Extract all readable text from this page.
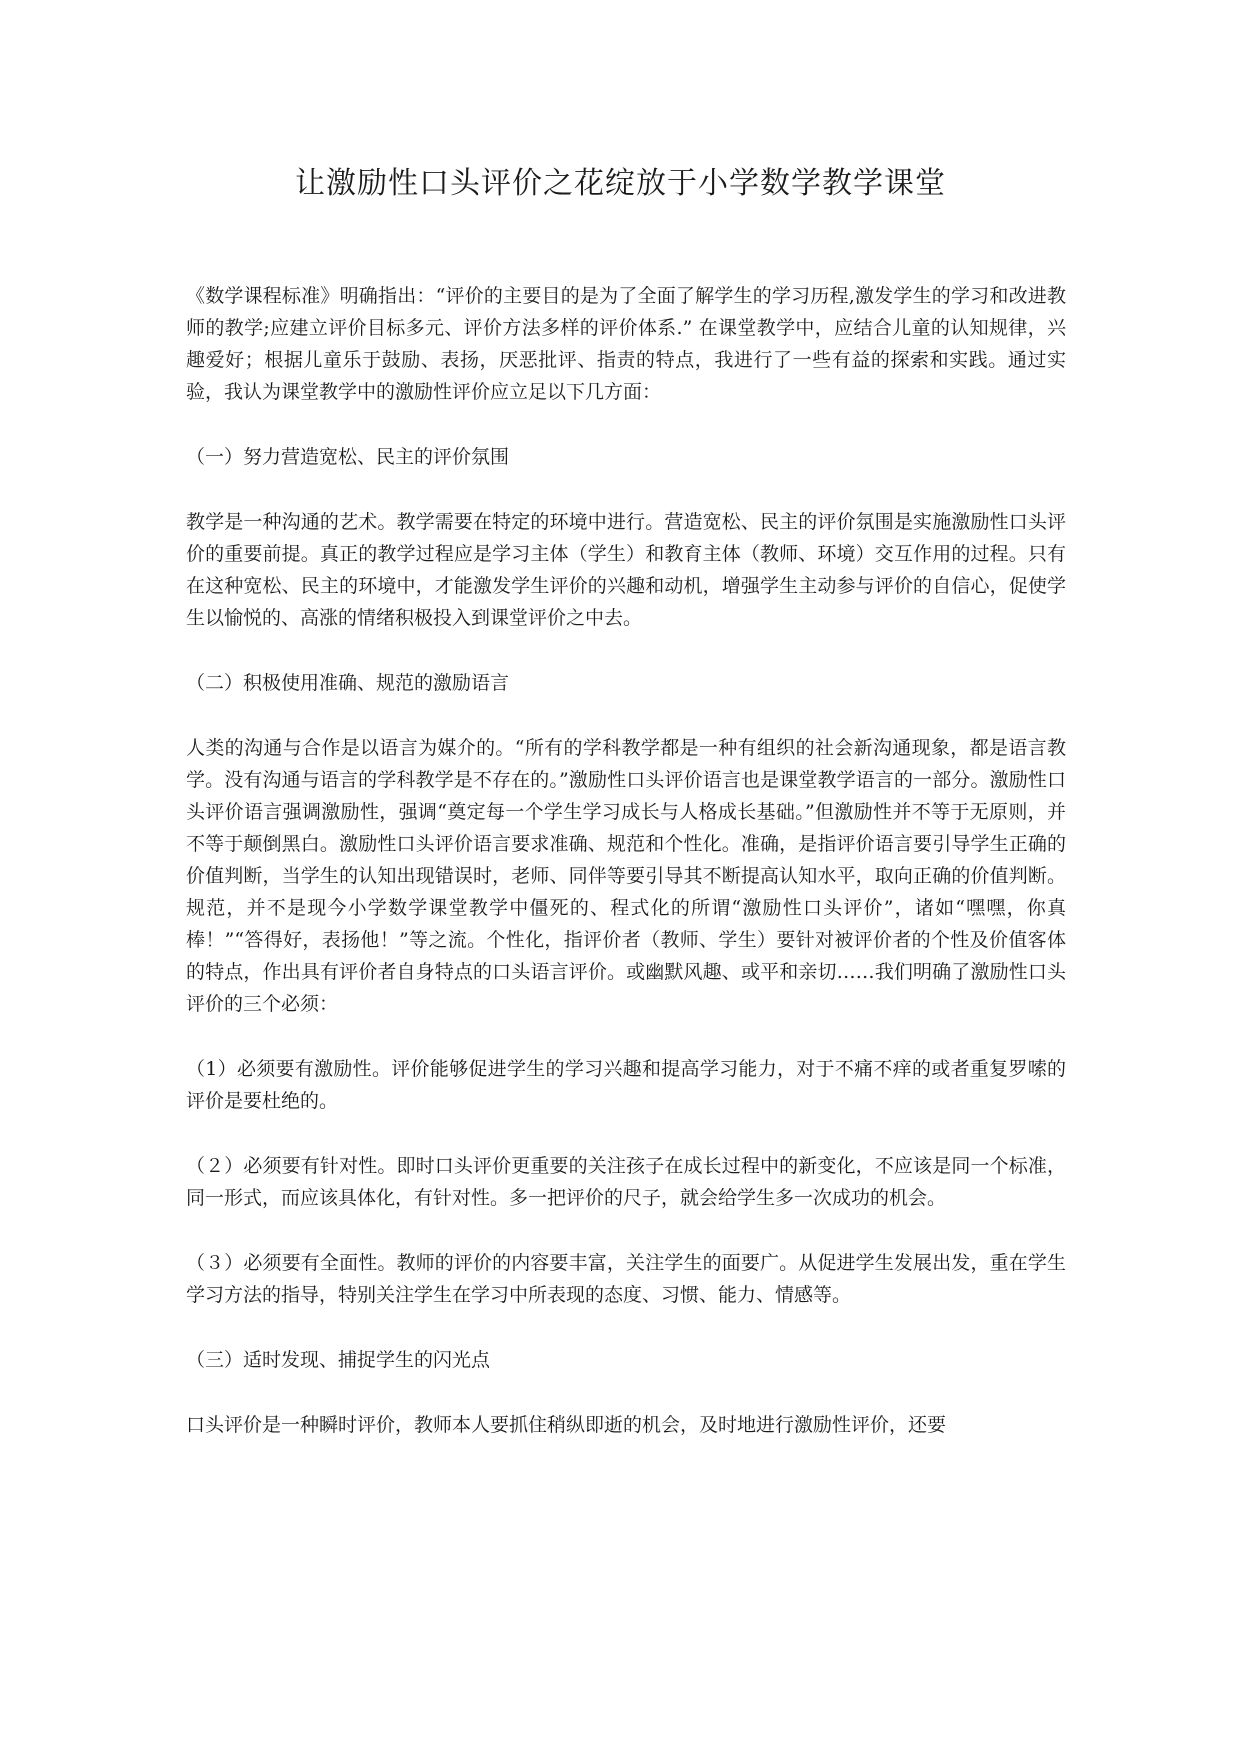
让激励性口头评价之花绽放于小学数学教学课堂

《数学课程标准》明确指出：“评价的主要目的是为了全面了解学生的学习历程,激发学生的学习和改进教师的教学;应建立评价目标多元、评价方法多样的评价体系.” 在课堂教学中，应结合儿童的认知规律，兴趣爱好；根据儿童乐于鼓励、表扬，厌恶批评、指责的特点，我进行了一些有益的探索和实践。通过实验，我认为课堂教学中的激励性评价应立足以下几方面：

（一）努力营造宽松、民主的评价氛围

教学是一种沟通的艺术。教学需要在特定的环境中进行。营造宽松、民主的评价氛围是实施激励性口头评价的重要前提。真正的教学过程应是学习主体（学生）和教育主体（教师、环境）交互作用的过程。只有在这种宽松、民主的环境中，才能激发学生评价的兴趣和动机，增强学生主动参与评价的自信心，促使学生以愉悦的、高涨的情绪积极投入到课堂评价之中去。

（二）积极使用准确、规范的激励语言

人类的沟通与合作是以语言为媒介的。“所有的学科教学都是一种有组织的社会新沟通现象，都是语言教学。没有沟通与语言的学科教学是不存在的。”激励性口头评价语言也是课堂教学语言的一部分。激励性口头评价语言强调激励性，强调“奠定每一个学生学习成长与人格成长基础。”但激励性并不等于无原则，并不等于颠倒黑白。激励性口头评价语言要求准确、规范和个性化。准确，是指评价语言要引导学生正确的价值判断，当学生的认知出现错误时，老师、同伴等要引导其不断提高认知水平，取向正确的价值判断。规范，并不是现今小学数学课堂教学中僵死的、程式化的所谓“激励性口头评价”，诸如“嘿嘿，你真棒！”“答得好，表扬他！”等之流。个性化，指评价者（教师、学生）要针对被评价者的个性及价值客体的特点，作出具有评价者自身特点的口头语言评价。或幽默风趣、或平和亲切……我们明确了激励性口头评价的三个必须：

（1）必须要有激励性。评价能够促进学生的学习兴趣和提高学习能力，对于不痛不痒的或者重复罗嗦的评价是要杜绝的。

（２）必须要有针对性。即时口头评价更重要的关注孩子在成长过程中的新变化，不应该是同一个标准，同一形式，而应该具体化，有针对性。多一把评价的尺子，就会给学生多一次成功的机会。

（３）必须要有全面性。教师的评价的内容要丰富，关注学生的面要广。从促进学生发展出发，重在学生学习方法的指导，特别关注学生在学习中所表现的态度、习惯、能力、情感等。

（三）适时发现、捕捉学生的闪光点

口头评价是一种瞬时评价，教师本人要抓住稍纵即逝的机会，及时地进行激励性评价，还要
